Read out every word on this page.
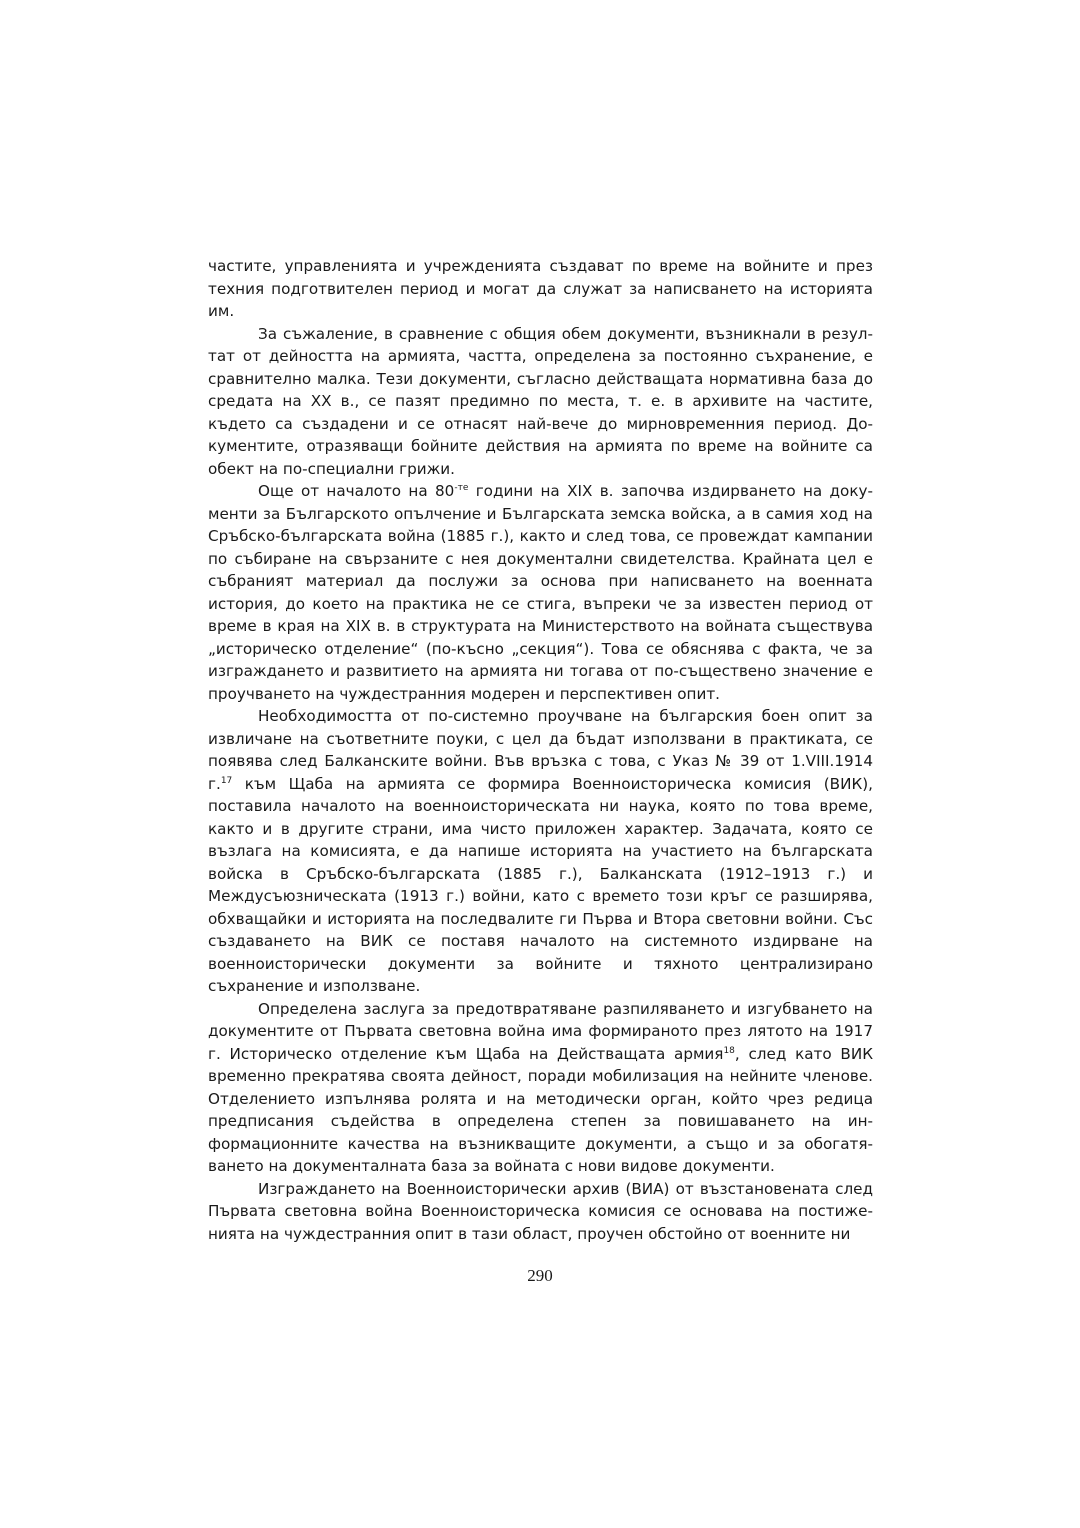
частите, управленията и учрежденията създават по време на войните и през техния подготвителен период и могат да служат за написването на историята им.

За съжаление, в сравнение с общия обем документи, възникнали в резултат от дейността на армията, частта, определена за постоянно съхранение, е сравнително малка. Тези документи, съгласно действащата нормативна база до средата на XX в., се пазят предимно по места, т. е. в архивите на частите, където са създадени и се отнасят най-вече до мирновременния период. Документите, отразяващи бойните действия на армията по време на войните са обект на по-специални грижи.

Още от началото на $80^{-те}$ години на XIX в. започва издирването на документи за Българското опълчение и Българската земска войска, а в самия ход на Сръбско-българската война (1885 г.), както и след това, се провеждат кампании по събиране на свързаните с нея документални свидетелства. Крайната цел е събраният материал да послужи за основа при написването на военната история, до което на практика не се стига, въпреки че за известен период от време в края на XIX в. в структурата на Министерството на войната съществува „историческо отделение“ (по-късно „секция“). Това се обяснява с факта, че за изграждането и развитието на армията ни тогава от по-съществено значение е проучването на чуждестранния модерен и перспективен опит.

Необходимостта от по-системно проучване на българския боен опит за извличане на съответните поуки, с цел да бъдат използвани в практиката, се появява след Балканските войни. Във връзка с това, с Указ № 39 от 1.VIII.1914 г.$^{17}$ към Щаба на армията се формира Военноисторическа комисия (ВИК), поставила началото на военноисторическата ни наука, която по това време, както и в другите страни, има чисто приложен характер. Задачата, която се възлага на комисията, е да напише историята на участието на българската войска в Сръбско-българската (1885 г.), Балканската (1912–1913 г.) и Междусъюзническата (1913 г.) войни, като с времето този кръг се разширява, обхващайки и историята на последвалите ги Първа и Втора световни войни. Със създаването на ВИК се поставя началото на системното издирване на военноисторически документи за войните и тяхното централизирано съхранение и използване.

Определена заслуга за предотвратяване разпиляването и изгубването на документите от Първата световна война има формираното през лятото на 1917 г. Историческо отделение към Щаба на Действащата армия$^{18}$, след като ВИК временно прекратява своята дейност, поради мобилизация на нейните членове. Отделението изпълнява ролята и на методически орган, който чрез редица предписания съдейства в определена степен за повишаването на информационните качества на възникващите документи, а също и за обогатяването на документалната база за войната с нови видове документи.

Изграждането на Военноисторически архив (ВИА) от възстановената след Първата световна война Военноисторическа комисия се основава на постиженията на чуждестранния опит в тази област, проучен обстойно от военните ни

290
